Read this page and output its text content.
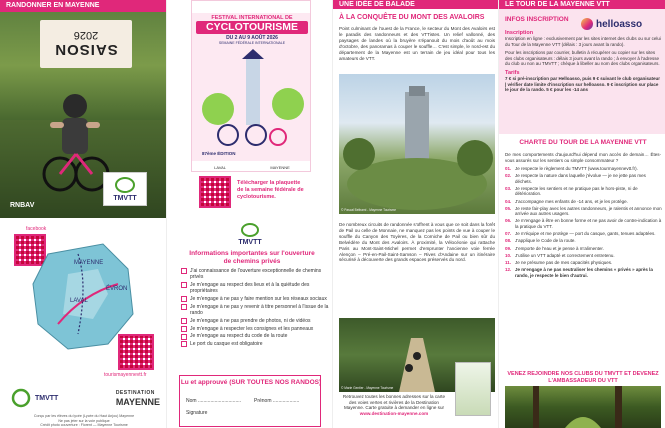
SAISON
2026
TMVTT
RNBAV
RANDONNER EN MAYENNE
facebook
LAVAL
ÉVRON
MAYENNE
tourismayennevtt.fr
TMVTT
DESTINATION
MAYENNE
Conçu par les élèves du lycée (Lycée du Haut Anjou) Mayenne
Ne pas jeter sur la voie publique
Crédit photo couverture : Florent — Mayenne Tourisme
FESTIVAL INTERNATIONAL DE
CYCLOTOURISME
DU 2 AU 9 AOÛT 2026
SEMAINE FÉDÉRALE INTERNATIONALE
87ème ÉDITION
LAVAL	MAYENNE
Télécharger la plaquette de la semaine fédérale de cyclotourisme.
TMVTT
Informations importantes sur l'ouverture de chemins privés
J'ai connaissance de l'ouverture exceptionnelle de chemins privés
Je m'engage au respect des lieux et à la quiétude des propriétaires
Je m'engage à ne pas y faire mention sur les réseaux sociaux
Je m'engage à ne pas y revenir à titre personnel à l'issue de la rando
Je m'engage à ne pas prendre de photos, ni de vidéos
Je m'engage à respecter les consignes et les panneaux
Je m'engage au respect du code de la route
Le port du casque est obligatoire
Lu et approuvé (SUR TOUTES NOS RANDOS)
Nom ...............................	Prénom ...................
Signature
UNE IDÉE DE BALADE
À LA CONQUÊTE DU MONT DES AVALOIRS
Point culminant de l'ouest de la France, le secteur du Mont des Avaloirs est le paradis des randonneurs et des VTTistes. Un relief vallonné, des paysages de landes où la bruyère s'épanouit du mois d'août au mois d'octobre, des panoramas à couper le souffle… C'est simple, le nord-est du département de la Mayenne est un terrain de jeu idéal pour tous les amateurs de VTT.
© Pascal Beltrami - Mayenne Tourisme
De nombreux circuits de randonnée s'offrent à vous que ce soit dans la forêt de Pail ou celle de Monnaie, ne manquez pas les points de vue à couper le souffle du Canyon des Toyères, de la Corniche de Pail ou bien sûr du Belvédère du Mont des Avaloirs. À proximité, la Vélocéonie qui rattache Paris au Mont-Saint-Michel permet d'emprunter l'ancienne voie ferrée Alençon – Pré-en-Pail-Saint-Samson – Rives d'Andaine sur un itinéraire sécurisé à découverte des grands espaces préservés du nord.
© Marie Gentier - Mayenne Tourisme
Retrouvez toutes les bonnes adresses sur la carte des voies vertes et rivières de la Destination Mayenne. Carte gratuite à demander en ligne sur www.destination-mayenne.com
LE TOUR DE LA MAYENNE VTT
INFOS INSCRIPTION	helloasso
Inscription
Inscription en ligne : exclusivement par les sites internet des clubs ou sur celui du Tour de la Mayenne VTT (délais : 3 jours avant la rando).
Pour les inscriptions par courrier, bulletin à récupérer ou copier sur les sites des clubs organisateurs : délais 3 jours avant la rando ; à envoyer à l'adresse du club ou non au TMVTT ; chèque à libeller au nom des clubs organisateurs.
Tarifs
7 € si pré-inscription par Helloasso, puis 9 € suivant le club organisateur | vérifier date limite d'inscription sur helloasso. 9 € inscription sur place le jour de la rando. 5 € pour les -14 ans
CHARTE DU TOUR DE LA MAYENNE VTT
De mes comportements d'aujourd'hui dépend mon accès de demain… Êtes-vous assurés sur les sentiers ou simple consommateur ?
01. Je respecte le règlement du TMVTT (www.tourmayennevtt.fr).
02. Je respecte la nature dans laquelle j'évolue — je ne jette pas mes déchets.
03. Je respecte les sentiers et ne pratique pas le hors-piste, ni de détérioration.
04. J'accompagne mes enfants de -14 ans, et je les protège.
05. Je reste fair-play avec les autres randonneurs, je ralentis et annonce mon arrivée aux autres usagers.
06. Je m'engage à être en bonne forme et ne pas avoir de contre-indication à la pratique du VTT.
07. Je m'équipe et me protège — port du casque, gants, tenues adaptées.
08. J'applique le Code de la route.
09. J'emporte de l'eau et je pense à m'alimenter.
10. J'utilise un VTT adapté et correctement entretenu.
11. Je ne présume pas de mes capacités physiques.
12. Je m'engage à ne pas neutraliser les chemins « privés » après la rando, je respecte le bien d'autrui.
VENEZ REJOINDRE NOS CLUBS DU TMVTT ET DEVENEZ L'AMBASSADEUR DU VTT
